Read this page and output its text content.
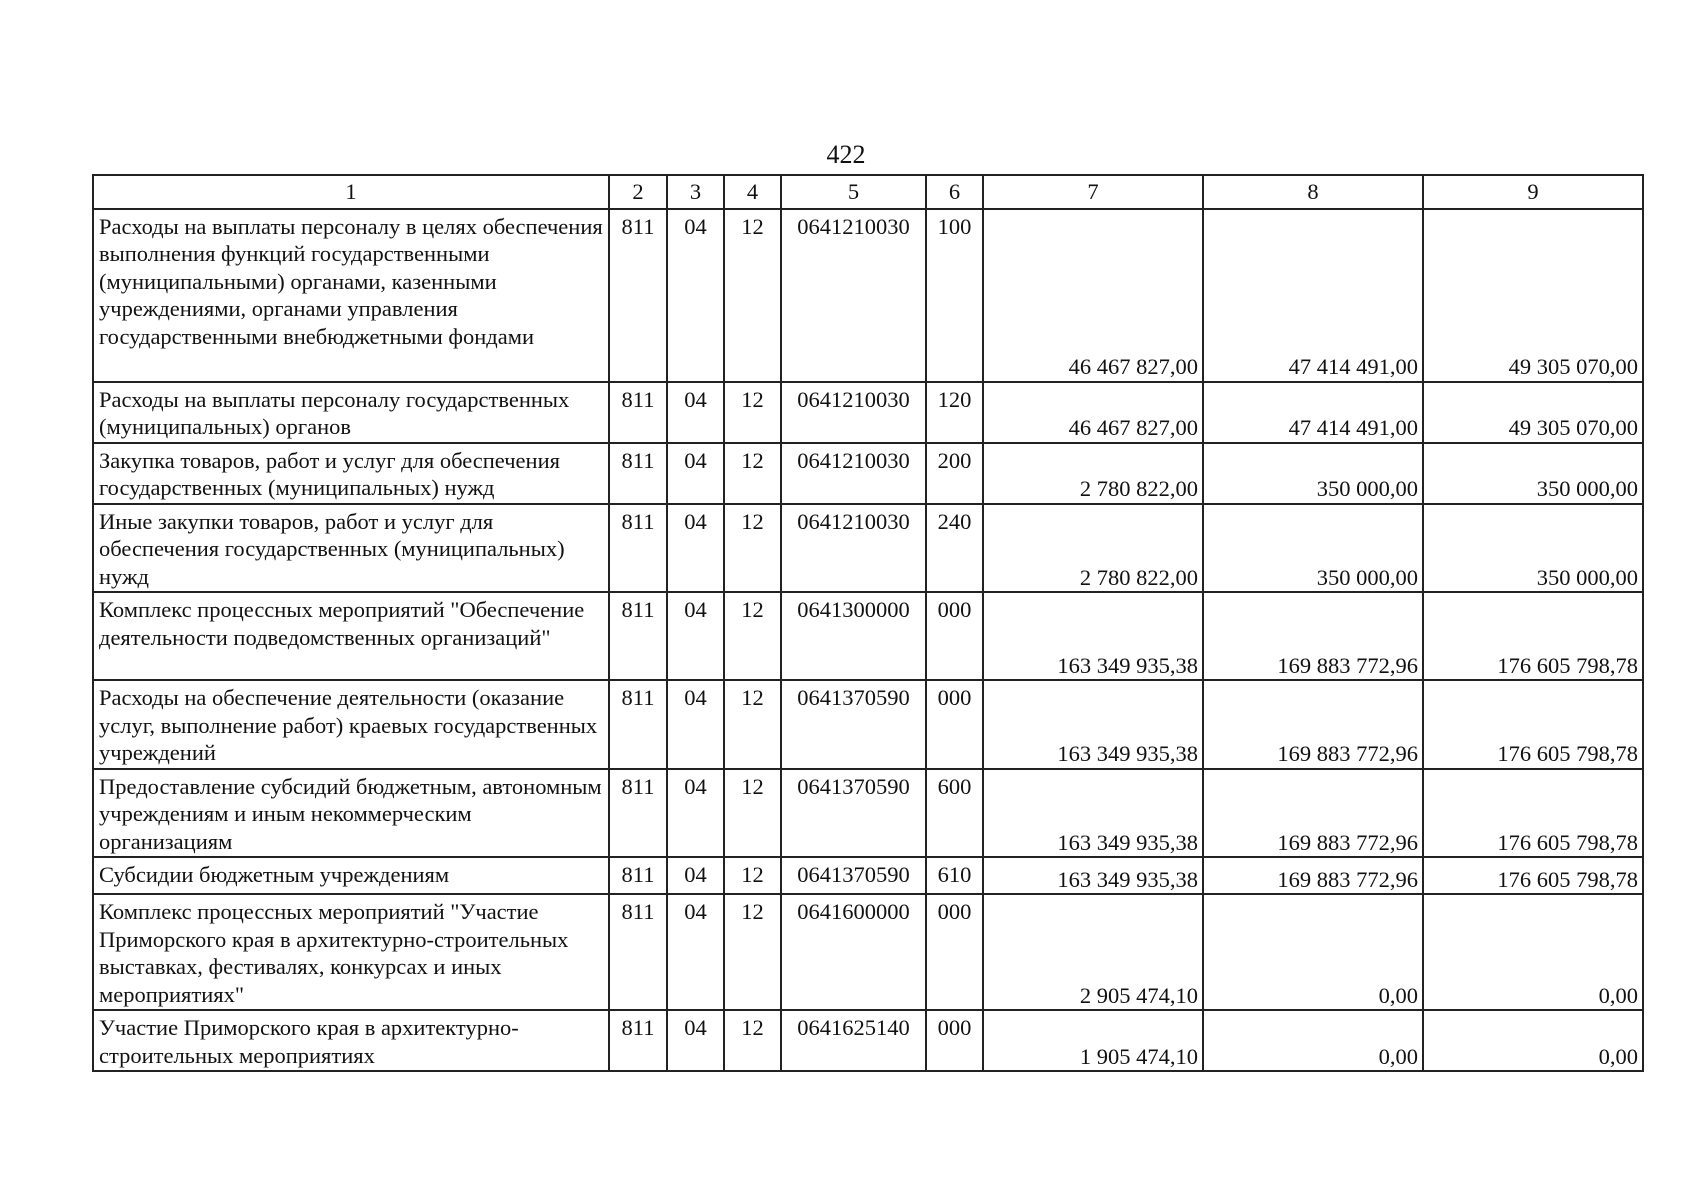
422
1	2	3	4	5	6	7	8	9
Расходы на выплаты персоналу в целях обеспечения выполнения функций государственными (муниципальными) органами, казенными учреждениями, органами управления государственными внебюджетными фондами	811	04	12	0641210030	100	46 467 827,00	47 414 491,00	49 305 070,00
Расходы на выплаты персоналу государственных (муниципальных) органов	811	04	12	0641210030	120	46 467 827,00	47 414 491,00	49 305 070,00
Закупка товаров, работ и услуг для обеспечения государственных (муниципальных) нужд	811	04	12	0641210030	200	2 780 822,00	350 000,00	350 000,00
Иные закупки товаров, работ и услуг для обеспечения государственных (муниципальных) нужд	811	04	12	0641210030	240	2 780 822,00	350 000,00	350 000,00
Комплекс процессных мероприятий "Обеспечение деятельности подведомственных организаций"	811	04	12	0641300000	000	163 349 935,38	169 883 772,96	176 605 798,78
Расходы на обеспечение деятельности (оказание услуг, выполнение работ) краевых государственных учреждений	811	04	12	0641370590	000	163 349 935,38	169 883 772,96	176 605 798,78
Предоставление субсидий бюджетным, автономным учреждениям и иным некоммерческим организациям	811	04	12	0641370590	600	163 349 935,38	169 883 772,96	176 605 798,78
Субсидии бюджетным учреждениям	811	04	12	0641370590	610	163 349 935,38	169 883 772,96	176 605 798,78
Комплекс процессных мероприятий "Участие Приморского края в архитектурно-строительных выставках, фестивалях, конкурсах и иных мероприятиях"	811	04	12	0641600000	000	2 905 474,10	0,00	0,00
Участие Приморского края в архитектурно-строительных мероприятиях	811	04	12	0641625140	000	1 905 474,10	0,00	0,00
